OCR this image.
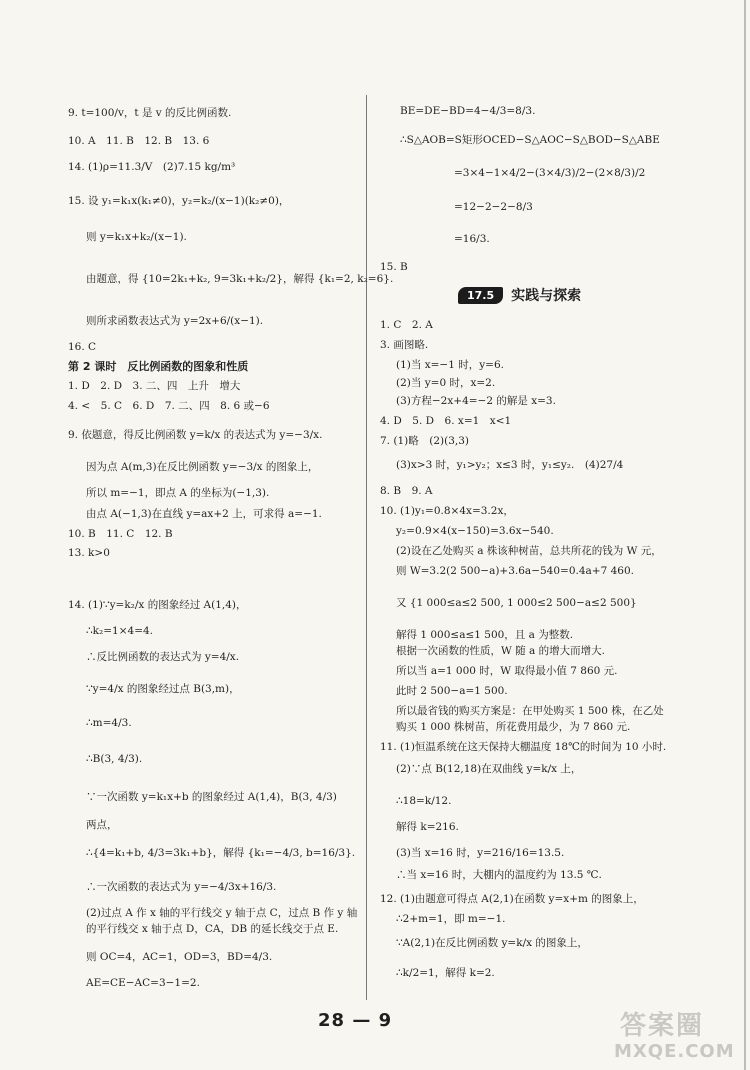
9. t=100/v，t 是 v 的反比例函数.
10. A　11. B　12. B　13. 6
14. (1)ρ=11.3/V　(2)7.15 kg/m³
15. 设 y₁=k₁x(k₁≠0)，y₂=k₂/(x−1)(k₂≠0)，
则 y=k₁x+k₂/(x−1).
由题意，得 {10=2k₁+k₂, 9=3k₁+k₂/2}，解得 {k₁=2, k₂=6}.
则所求函数表达式为 y=2x+6/(x−1).
16. C
第 2 课时　反比例函数的图象和性质
1. D　2. D　3. 二、四　上升　增大
4. <　5. C　6. D　7. 二、四　8. 6 或−6
9. 依题意，得反比例函数 y=k/x 的表达式为 y=−3/x.
因为点 A(m,3)在反比例函数 y=−3/x 的图象上，
所以 m=−1，即点 A 的坐标为(−1,3).
由点 A(−1,3)在直线 y=ax+2 上，可求得 a=−1.
10. B　11. C　12. B
13. k>0
14. (1)∵y=k₂/x 的图象经过 A(1,4)，
∴k₂=1×4=4.
∴反比例函数的表达式为 y=4/x.
∵y=4/x 的图象经过点 B(3,m)，
∴m=4/3.
∴B(3, 4/3).
∵一次函数 y=k₁x+b 的图象经过 A(1,4)，B(3, 4/3)
两点，
∴{4=k₁+b, 4/3=3k₁+b}，解得 {k₁=−4/3, b=16/3}.
∴一次函数的表达式为 y=−4/3x+16/3.
(2)过点 A 作 x 轴的平行线交 y 轴于点 C，过点 B 作 y 轴
的平行线交 x 轴于点 D，CA，DB 的延长线交于点 E.
则 OC=4，AC=1，OD=3，BD=4/3.
AE=CE−AC=3−1=2.
BE=DE−BD=4−4/3=8/3.
∴S△AOB=S矩形OCED−S△AOC−S△BOD−S△ABE
=3×4−1×4/2−(3×4/3)/2−(2×8/3)/2
=12−2−2−8/3
=16/3.
15. B
17.5	实践与探索
1. C　2. A
3. 画图略.
(1)当 x=−1 时，y=6.
(2)当 y=0 时，x=2.
(3)方程−2x+4=−2 的解是 x=3.
4. D　5. D　6. x=1　x<1
7. (1)略　(2)(3,3)
(3)x>3 时，y₁>y₂；x≤3 时，y₁≤y₂.　(4)27/4
8. B　9. A
10. (1)y₁=0.8×4x=3.2x，
y₂=0.9×4(x−150)=3.6x−540.
(2)设在乙处购买 a 株该种树苗，总共所花的钱为 W 元，
则 W=3.2(2 500−a)+3.6a−540=0.4a+7 460.
又 {1 000≤a≤2 500, 1 000≤2 500−a≤2 500}
解得 1 000≤a≤1 500，且 a 为整数.
根据一次函数的性质，W 随 a 的增大而增大.
所以当 a=1 000 时，W 取得最小值 7 860 元.
此时 2 500−a=1 500.
所以最省钱的购买方案是：在甲处购买 1 500 株，在乙处
购买 1 000 株树苗，所花费用最少，为 7 860 元.
11. (1)恒温系统在这天保持大棚温度 18℃的时间为 10 小时.
(2)∵点 B(12,18)在双曲线 y=k/x 上，
∴18=k/12.
解得 k=216.
(3)当 x=16 时，y=216/16=13.5.
∴当 x=16 时，大棚内的温度约为 13.5 ℃.
12. (1)由题意可得点 A(2,1)在函数 y=x+m 的图象上，
∴2+m=1，即 m=−1.
∵A(2,1)在反比例函数 y=k/x 的图象上，
∴k/2=1，解得 k=2.
28 — 9	答案圈
MXQE.COM
